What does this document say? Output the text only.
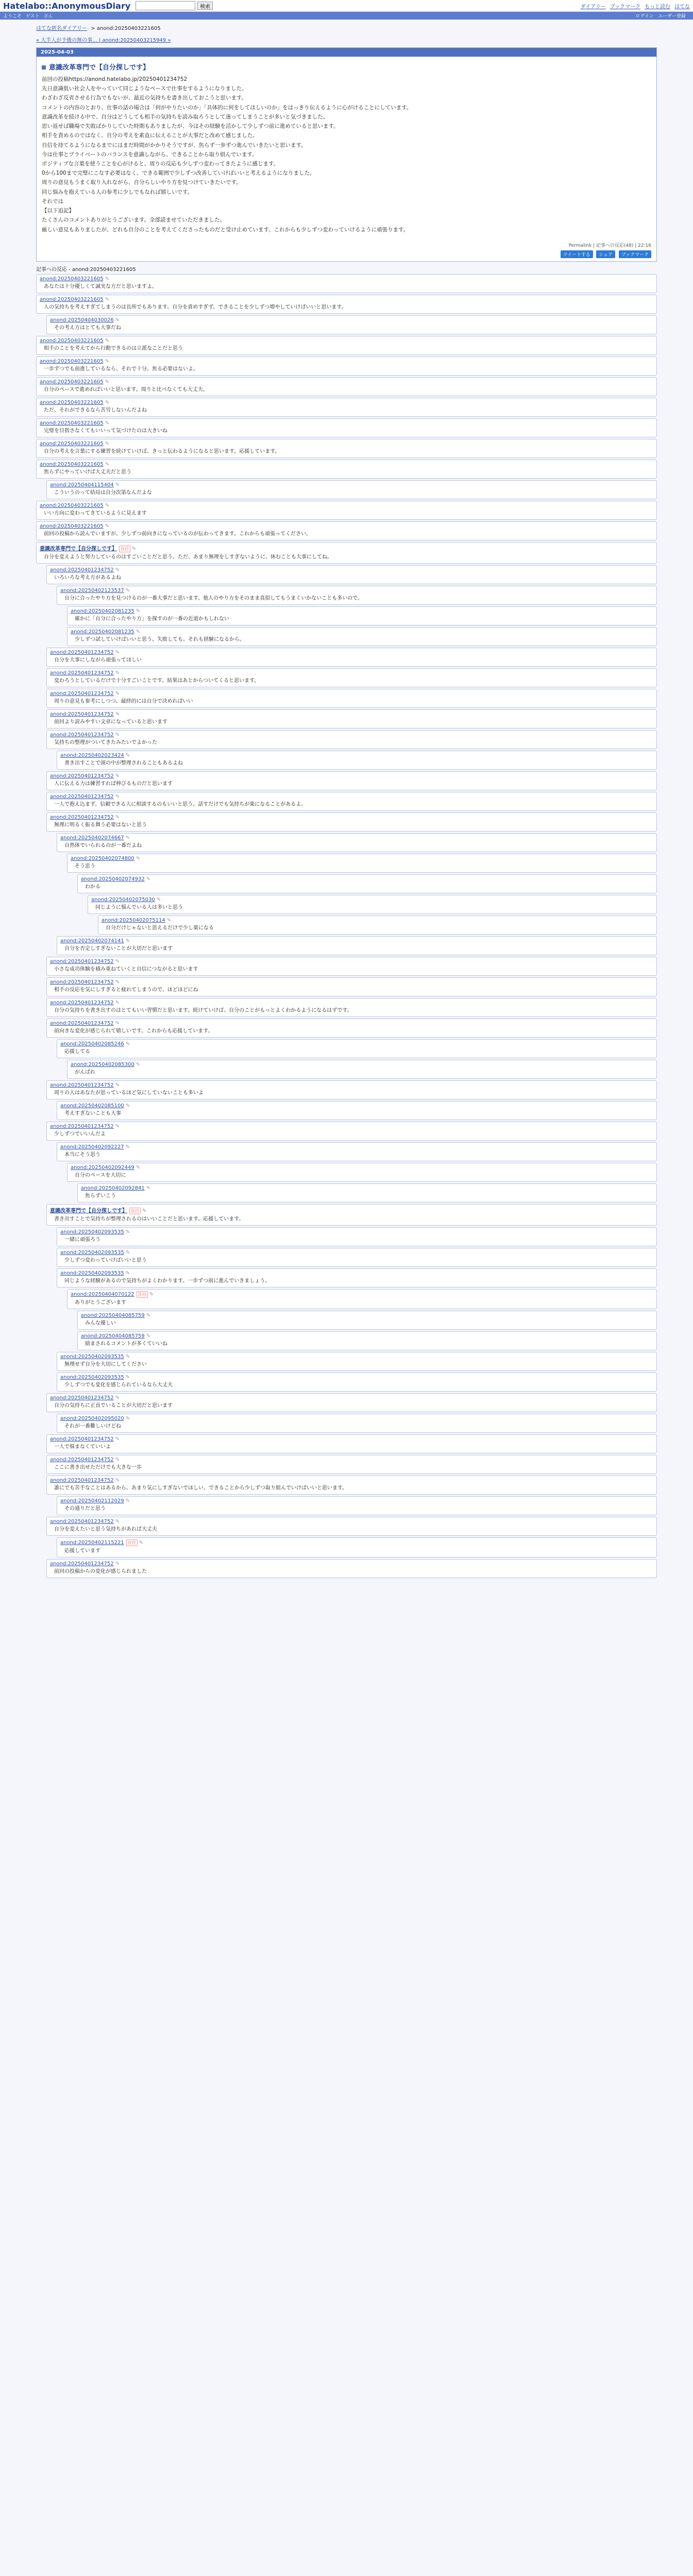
Hatelabo::AnonymousDiary	検索	ダイアリー ブックマーク もっと読む はてな
ようこそ ゲスト さん	ログイン ユーザー登録
はてな匿名ダイアリー > anond:20250403221605
« 大半人が予後の無の事... | anond:20250403215949 »
2025-04-03
意識改革専門で【自分探しです】

前回の投稿https://anond.hatelabo.jp/20250401234752

先日意識低い社会人をやっていて同じようなペースで仕事をするようになりました。

わざわざ反省させる行為でもないが、最近の気持ちを書き出しておこうと思います。

コメントの内容のとおり、仕事の話の場合は「何がやりたいのか」「具体的に何をしてほしいのか」をはっきり伝えるように心がけることにしています。

意識改革を続ける中で、自分はどうしても相手の気持ちを読み取ろうとして迷ってしまうことが多いと気づきました。

思い返せば職場で失敗ばかりしていた時期もありましたが、今はその経験を活かして少しずつ前に進めていると思います。

相手を責めるのではなく、自分の考えを素直に伝えることが大事だと改めて感じました。

自信を持てるようになるまでにはまだ時間がかかりそうですが、焦らず一歩ずつ進んでいきたいと思います。

今は仕事とプライベートのバランスを意識しながら、できることから取り組んでいます。

ポジティブな言葉を使うことを心がけると、周りの反応も少しずつ変わってきたように感じます。

0から100まで完璧にこなす必要はなく、できる範囲で少しずつ改善していけばいいと考えるようになりました。

周りの意見もうまく取り入れながら、自分らしいやり方を見つけていきたいです。

同じ悩みを抱えている人の参考に少しでもなれば嬉しいです。

それでは

【以下追記】

たくさんのコメントありがとうございます。全部読ませていただきました。

厳しい意見もありましたが、どれも自分のことを考えてくださったものだと受け止めています。これからも少しずつ変わっていけるように頑張ります。

Permalink | 記事への反応(48) | 22:16
ツイートする シェア ブックマーク
記事への反応 - anond:20250403221605
anond:20250403221605 ✎
あなたは十分優しくて誠実な方だと思いますよ。
anond:20250403221605 ✎
人の気持ちを考えすぎてしまうのは長所でもあります。自分を責めすぎず、できることを少しずつ増やしていけばいいと思います。
anond:20250404030026 ✎
その考え方はとても大事だね
anond:20250403221605 ✎
相手のことを考えてから行動できるのは立派なことだと思う
anond:20250403221605 ✎
一歩ずつでも前進しているなら、それで十分。焦る必要はないよ。
anond:20250403221605 ✎
自分のペースで進めればいいと思います。周りと比べなくても大丈夫。
anond:20250403221605 ✎
ただ、それができるなら苦労しないんだよね
anond:20250403221605 ✎
完璧を目指さなくてもいいって気づけたのは大きいね
anond:20250403221605 ✎
自分の考えを言葉にする練習を続けていけば、きっと伝わるようになると思います。応援しています。
anond:20250403221605 ✎
焦らずにやっていけば大丈夫だと思う
anond:20250404115404 ✎
こういうのって結局は自分次第なんだよな
anond:20250403221605 ✎
いい方向に変わってきているように見えます
anond:20250403221605 ✎
前回の投稿から読んでいますが、少しずつ前向きになっているのが伝わってきます。これからも頑張ってください。
意識改革専門で【自分探しです】 注目 ✎
自分を変えようと努力しているのはすごいことだと思う。ただ、あまり無理をしすぎないように、休むことも大事にしてね。
anond:20250401234752 ✎
いろいろな考え方があるよね
anond:20250402123537 ✎
自分に合ったやり方を見つけるのが一番大事だと思います。他人のやり方をそのまま真似してもうまくいかないことも多いので。
anond:20250402081235 ✎
確かに「自分に合ったやり方」を探すのが一番の近道かもしれない
anond:20250402081235 ✎
少しずつ試していけばいいと思う。失敗しても、それも経験になるから。
anond:20250401234752 ✎
自分を大事にしながら頑張ってほしい
anond:20250401234752 ✎
変わろうとしているだけで十分すごいことです。結果はあとからついてくると思います。
anond:20250401234752 ✎
周りの意見も参考にしつつ、最終的には自分で決めればいい
anond:20250401234752 ✎
前回より読みやすい文章になっていると思います
anond:20250401234752 ✎
気持ちの整理がついてきたみたいでよかった
anond:20250402023424 ✎
書き出すことで頭の中が整理されることもあるよね
anond:20250401234752 ✎
人に伝える力は練習すれば伸びるものだと思います
anond:20250401234752 ✎
一人で抱え込まず、信頼できる人に相談するのもいいと思う。話すだけでも気持ちが楽になることがあるよ。
anond:20250401234752 ✎
無理に明るく振る舞う必要はないと思う
anond:20250402074667 ✎
自然体でいられるのが一番だよね
anond:20250402074800 ✎
そう思う
anond:20250402074932 ✎
わかる
anond:20250402075030 ✎
同じように悩んでいる人は多いと思う
anond:20250402075114 ✎
自分だけじゃないと思えるだけで少し楽になる
anond:20250402074141 ✎
自分を否定しすぎないことが大切だと思います
anond:20250401234752 ✎
小さな成功体験を積み重ねていくと自信につながると思います
anond:20250401234752 ✎
相手の反応を気にしすぎると疲れてしまうので、ほどほどにね
anond:20250401234752 ✎
自分の気持ちを書き出すのはとてもいい習慣だと思います。続けていけば、自分のことがもっとよくわかるようになるはずです。
anond:20250401234752 ✎
前向きな変化が感じられて嬉しいです。これからも応援しています。
anond:20250402085246 ✎
応援してる
anond:20250402085300 ✎
がんばれ
anond:20250401234752 ✎
周りの人はあなたが思っているほど気にしていないことも多いよ
anond:20250402085100 ✎
考えすぎないことも大事
anond:20250401234752 ✎
少しずつでいいんだよ
anond:20250402092227 ✎
本当にそう思う
anond:20250402092449 ✎
自分のペースを大切に
anond:20250402092841 ✎
焦らずいこう
意識改革専門で【自分探しです】 注目 ✎
書き出すことで気持ちが整理されるのはいいことだと思います。応援しています。
anond:20250402093535 ✎
一緒に頑張ろう
anond:20250402093535 ✎
少しずつ変わっていけばいいと思う
anond:20250402093535 ✎
同じような経験があるので気持ちがよくわかります。一歩ずつ前に進んでいきましょう。
anond:20250404070122 注目 ✎
ありがとうございます
anond:20250404085759 ✎
みんな優しい
anond:20250404085759 ✎
励まされるコメントが多くていいね
anond:20250402093535 ✎
無理せず自分を大切にしてください
anond:20250402093535 ✎
少しずつでも変化を感じられているなら大丈夫
anond:20250401234752 ✎
自分の気持ちに正直でいることが大切だと思います
anond:20250402095020 ✎
それが一番難しいけどね
anond:20250401234752 ✎
一人で悩まなくていいよ
anond:20250401234752 ✎
ここに書き出せただけでも大きな一歩
anond:20250401234752 ✎
誰にでも苦手なことはあるから、あまり気にしすぎないでほしい。できることから少しずつ取り組んでいけばいいと思います。
anond:20250402112029 ✎
その通りだと思う
anond:20250401234752 ✎
自分を変えたいと思う気持ちがあれば大丈夫
anond:20250402115221 注目 ✎
応援しています
anond:20250401234752 ✎
前回の投稿からの変化が感じられました
